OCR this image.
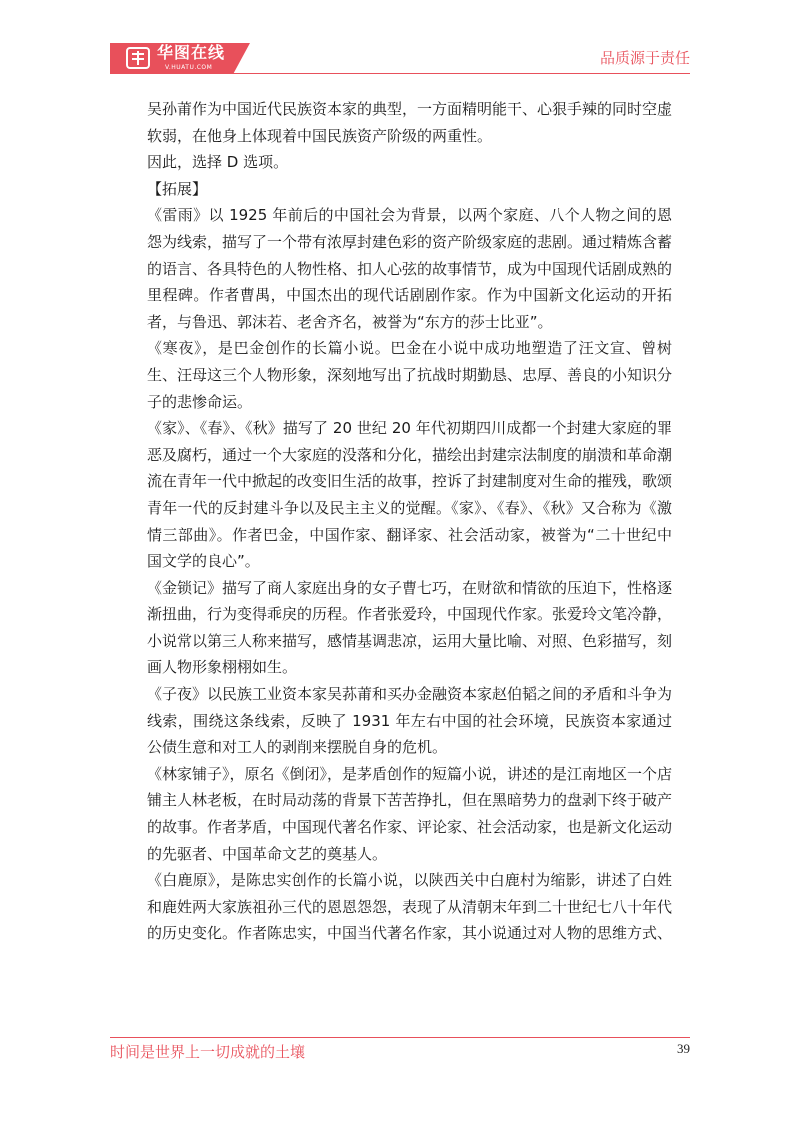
华图在线
V.HUATU.COM
品质源于责任

吴孙莆作为中国近代民族资本家的典型，一方面精明能干、心狠手辣的同时空虚软弱，在他身上体现着中国民族资产阶级的两重性。

因此，选择 D 选项。

【拓展】

《雷雨》以 1925 年前后的中国社会为背景，以两个家庭、八个人物之间的恩怨为线索，描写了一个带有浓厚封建色彩的资产阶级家庭的悲剧。通过精炼含蓄的语言、各具特色的人物性格、扣人心弦的故事情节，成为中国现代话剧成熟的里程碑。作者曹禺，中国杰出的现代话剧剧作家。作为中国新文化运动的开拓者，与鲁迅、郭沫若、老舍齐名，被誉为“东方的莎士比亚”。

《寒夜》，是巴金创作的长篇小说。巴金在小说中成功地塑造了汪文宣、曾树生、汪母这三个人物形象，深刻地写出了抗战时期勤恳、忠厚、善良的小知识分子的悲惨命运。

《家》、《春》、《秋》描写了 20 世纪 20 年代初期四川成都一个封建大家庭的罪恶及腐朽，通过一个大家庭的没落和分化，描绘出封建宗法制度的崩溃和革命潮流在青年一代中掀起的改变旧生活的故事，控诉了封建制度对生命的摧残，歌颂青年一代的反封建斗争以及民主主义的觉醒。《家》、《春》、《秋》又合称为《激情三部曲》。作者巴金，中国作家、翻译家、社会活动家，被誉为“二十世纪中国文学的良心”。

《金锁记》描写了商人家庭出身的女子曹七巧，在财欲和情欲的压迫下，性格逐渐扭曲，行为变得乖戾的历程。作者张爱玲，中国现代作家。张爱玲文笔冷静，小说常以第三人称来描写，感情基调悲凉，运用大量比喻、对照、色彩描写，刻画人物形象栩栩如生。

《子夜》以民族工业资本家吴荪莆和买办金融资本家赵伯韬之间的矛盾和斗争为线索，围绕这条线索，反映了 1931 年左右中国的社会环境，民族资本家通过公债生意和对工人的剥削来摆脱自身的危机。

《林家铺子》，原名《倒闭》，是茅盾创作的短篇小说，讲述的是江南地区一个店铺主人林老板，在时局动荡的背景下苦苦挣扎，但在黑暗势力的盘剥下终于破产的故事。作者茅盾，中国现代著名作家、评论家、社会活动家，也是新文化运动的先驱者、中国革命文艺的奠基人。

《白鹿原》，是陈忠实创作的长篇小说，以陕西关中白鹿村为缩影，讲述了白姓和鹿姓两大家族祖孙三代的恩恩怨怨，表现了从清朝末年到二十世纪七八十年代的历史变化。作者陈忠实，中国当代著名作家，其小说通过对人物的思维方式、

时间是世界上一切成就的土壤	39
